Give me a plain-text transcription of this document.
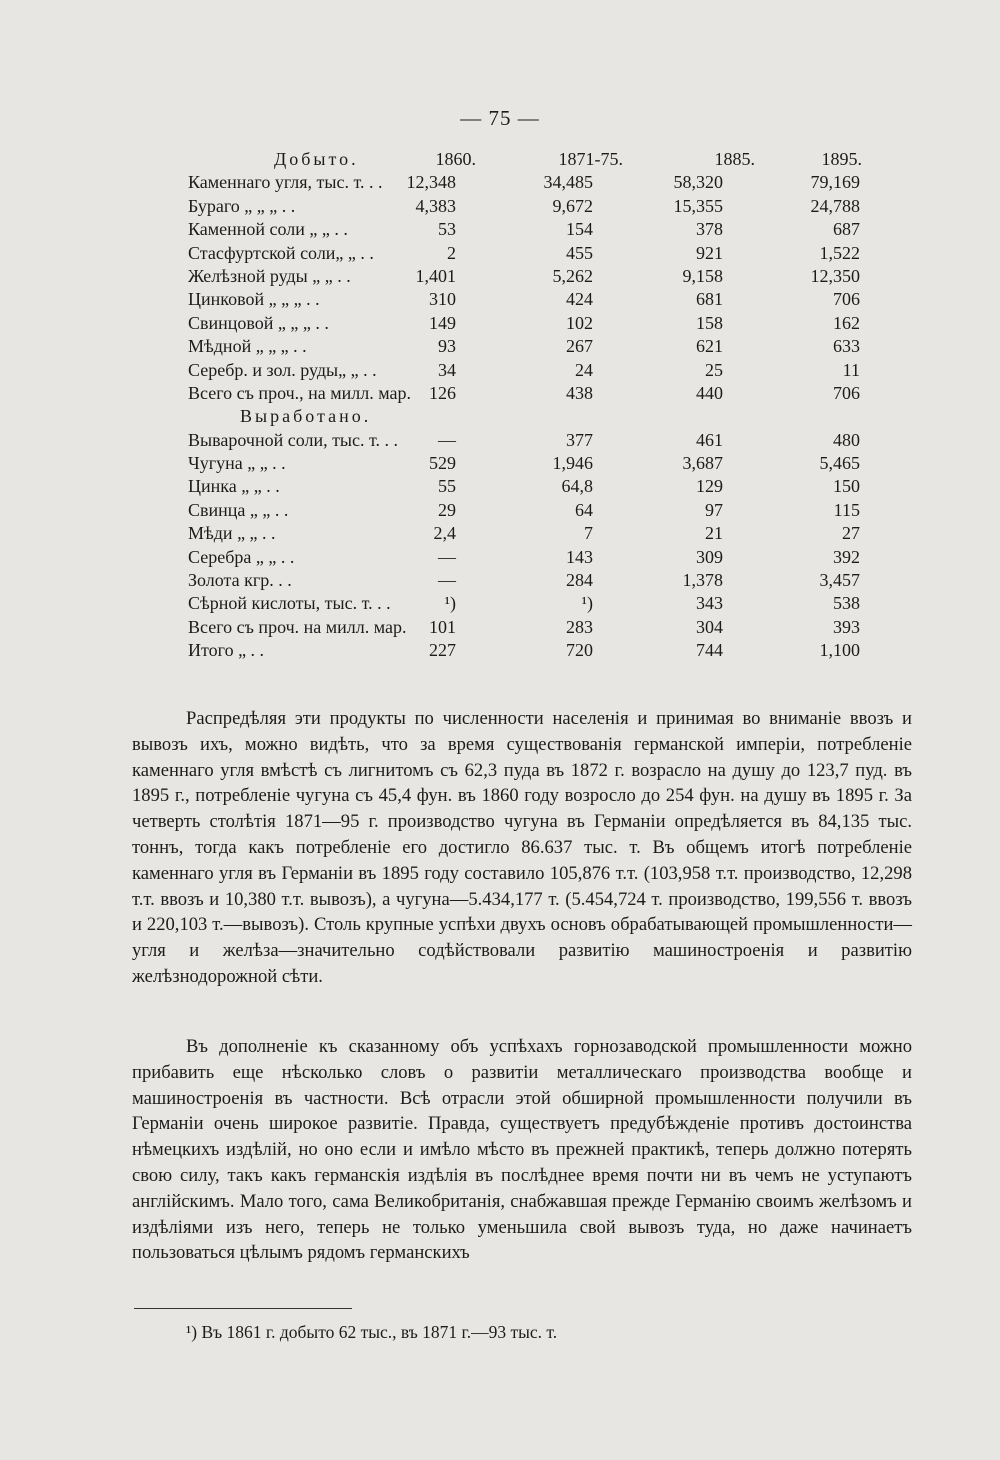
— 75 —
Добыто.	1860.	1871-75.	1885.	1895.
Каменнаго угля, тыс. т. . . 12,348	34,485	58,320	79,169
Бураго „ „ „ . .	4,383	9,672	15,355	24,788
Каменной соли „ „ . .	53	154	378	687
Стасфуртской соли„ „ . .	2	455	921	1,522
Желѣзной руды „ „ . .	1,401	5,262	9,158	12,350
Цинковой „ „ „ . .	310	424	681	706
Свинцовой „ „ „ . .	149	102	158	162
Мѣдной „ „ „ . .	93	267	621	633
Серебр. и зол. руды„ „ . .	34	24	25	11
Всего съ проч., на милл. мар. 126	438	440	706
Выработано.
Выварочной соли, тыс. т. . . —	377	461	480
Чугуна „ „ . .	529	1,946	3,687	5,465
Цинка „ „ . .	55	64,8	129	150
Свинца „ „ . .	29	64	97	115
Мѣди „ „ . .	2,4	7	21	27
Серебра „ „ . .	—	143	309	392
Золота кгр. . .	—	284	1,378	3,457
Сѣрной кислоты, тыс. т. . .	¹)	¹)	343	538
Всего съ проч. на милл. мар. 101	283	304	393
Итого „ . .	227	720	744	1,100

Распредѣляя эти продукты по численности населенія и принимая во вниманіе ввозъ и вывозъ ихъ, можно видѣть, что за время существованія германской имперіи, потребленіе каменнаго угля вмѣстѣ съ лигнитомъ съ 62,3 пуда въ 1872 г. возрасло на душу до 123,7 пуд. въ 1895 г., потребленіе чугуна съ 45,4 фун. въ 1860 году возросло до 254 фун. на душу въ 1895 г. За четверть столѣтія 1871—95 г. производство чугуна въ Германіи опредѣляется въ 84,135 тыс. тоннъ, тогда какъ потребленіе его достигло 86.637 тыс. т. Въ общемъ итогѣ потребленіе каменнаго угля въ Германіи въ 1895 году составило 105,876 т.т. (103,958 т.т. производство, 12,298 т.т. ввозъ и 10,380 т.т. вывозъ), а чугуна—5.434,177 т. (5.454,724 т. производство, 199,556 т. ввозъ и 220,103 т.—вывозъ). Столь крупные успѣхи двухъ основъ обрабатывающей промышленности—угля и желѣза—значительно содѣйствовали развитію машиностроенія и развитію желѣзнодорожной сѣти.

Въ дополненіе къ сказанному объ успѣхахъ горнозаводской промышленности можно прибавить еще нѣсколько словъ о развитіи металлическаго производства вообще и машиностроенія въ частности. Всѣ отрасли этой обширной промышленности получили въ Германіи очень широкое развитіе. Правда, существуетъ предубѣжденіе противъ достоинства нѣмецкихъ издѣлій, но оно если и имѣло мѣсто въ прежней практикѣ, теперь должно потерять свою силу, такъ какъ германскія издѣлія въ послѣднее время почти ни въ чемъ не уступаютъ англійскимъ. Мало того, сама Великобританія, снабжавшая прежде Германію своимъ желѣзомъ и издѣліями изъ него, теперь не только уменьшила свой вывозъ туда, но даже начинаетъ пользоваться цѣлымъ рядомъ германскихъ

¹) Въ 1861 г. добыто 62 тыс., въ 1871 г.—93 тыс. т.
